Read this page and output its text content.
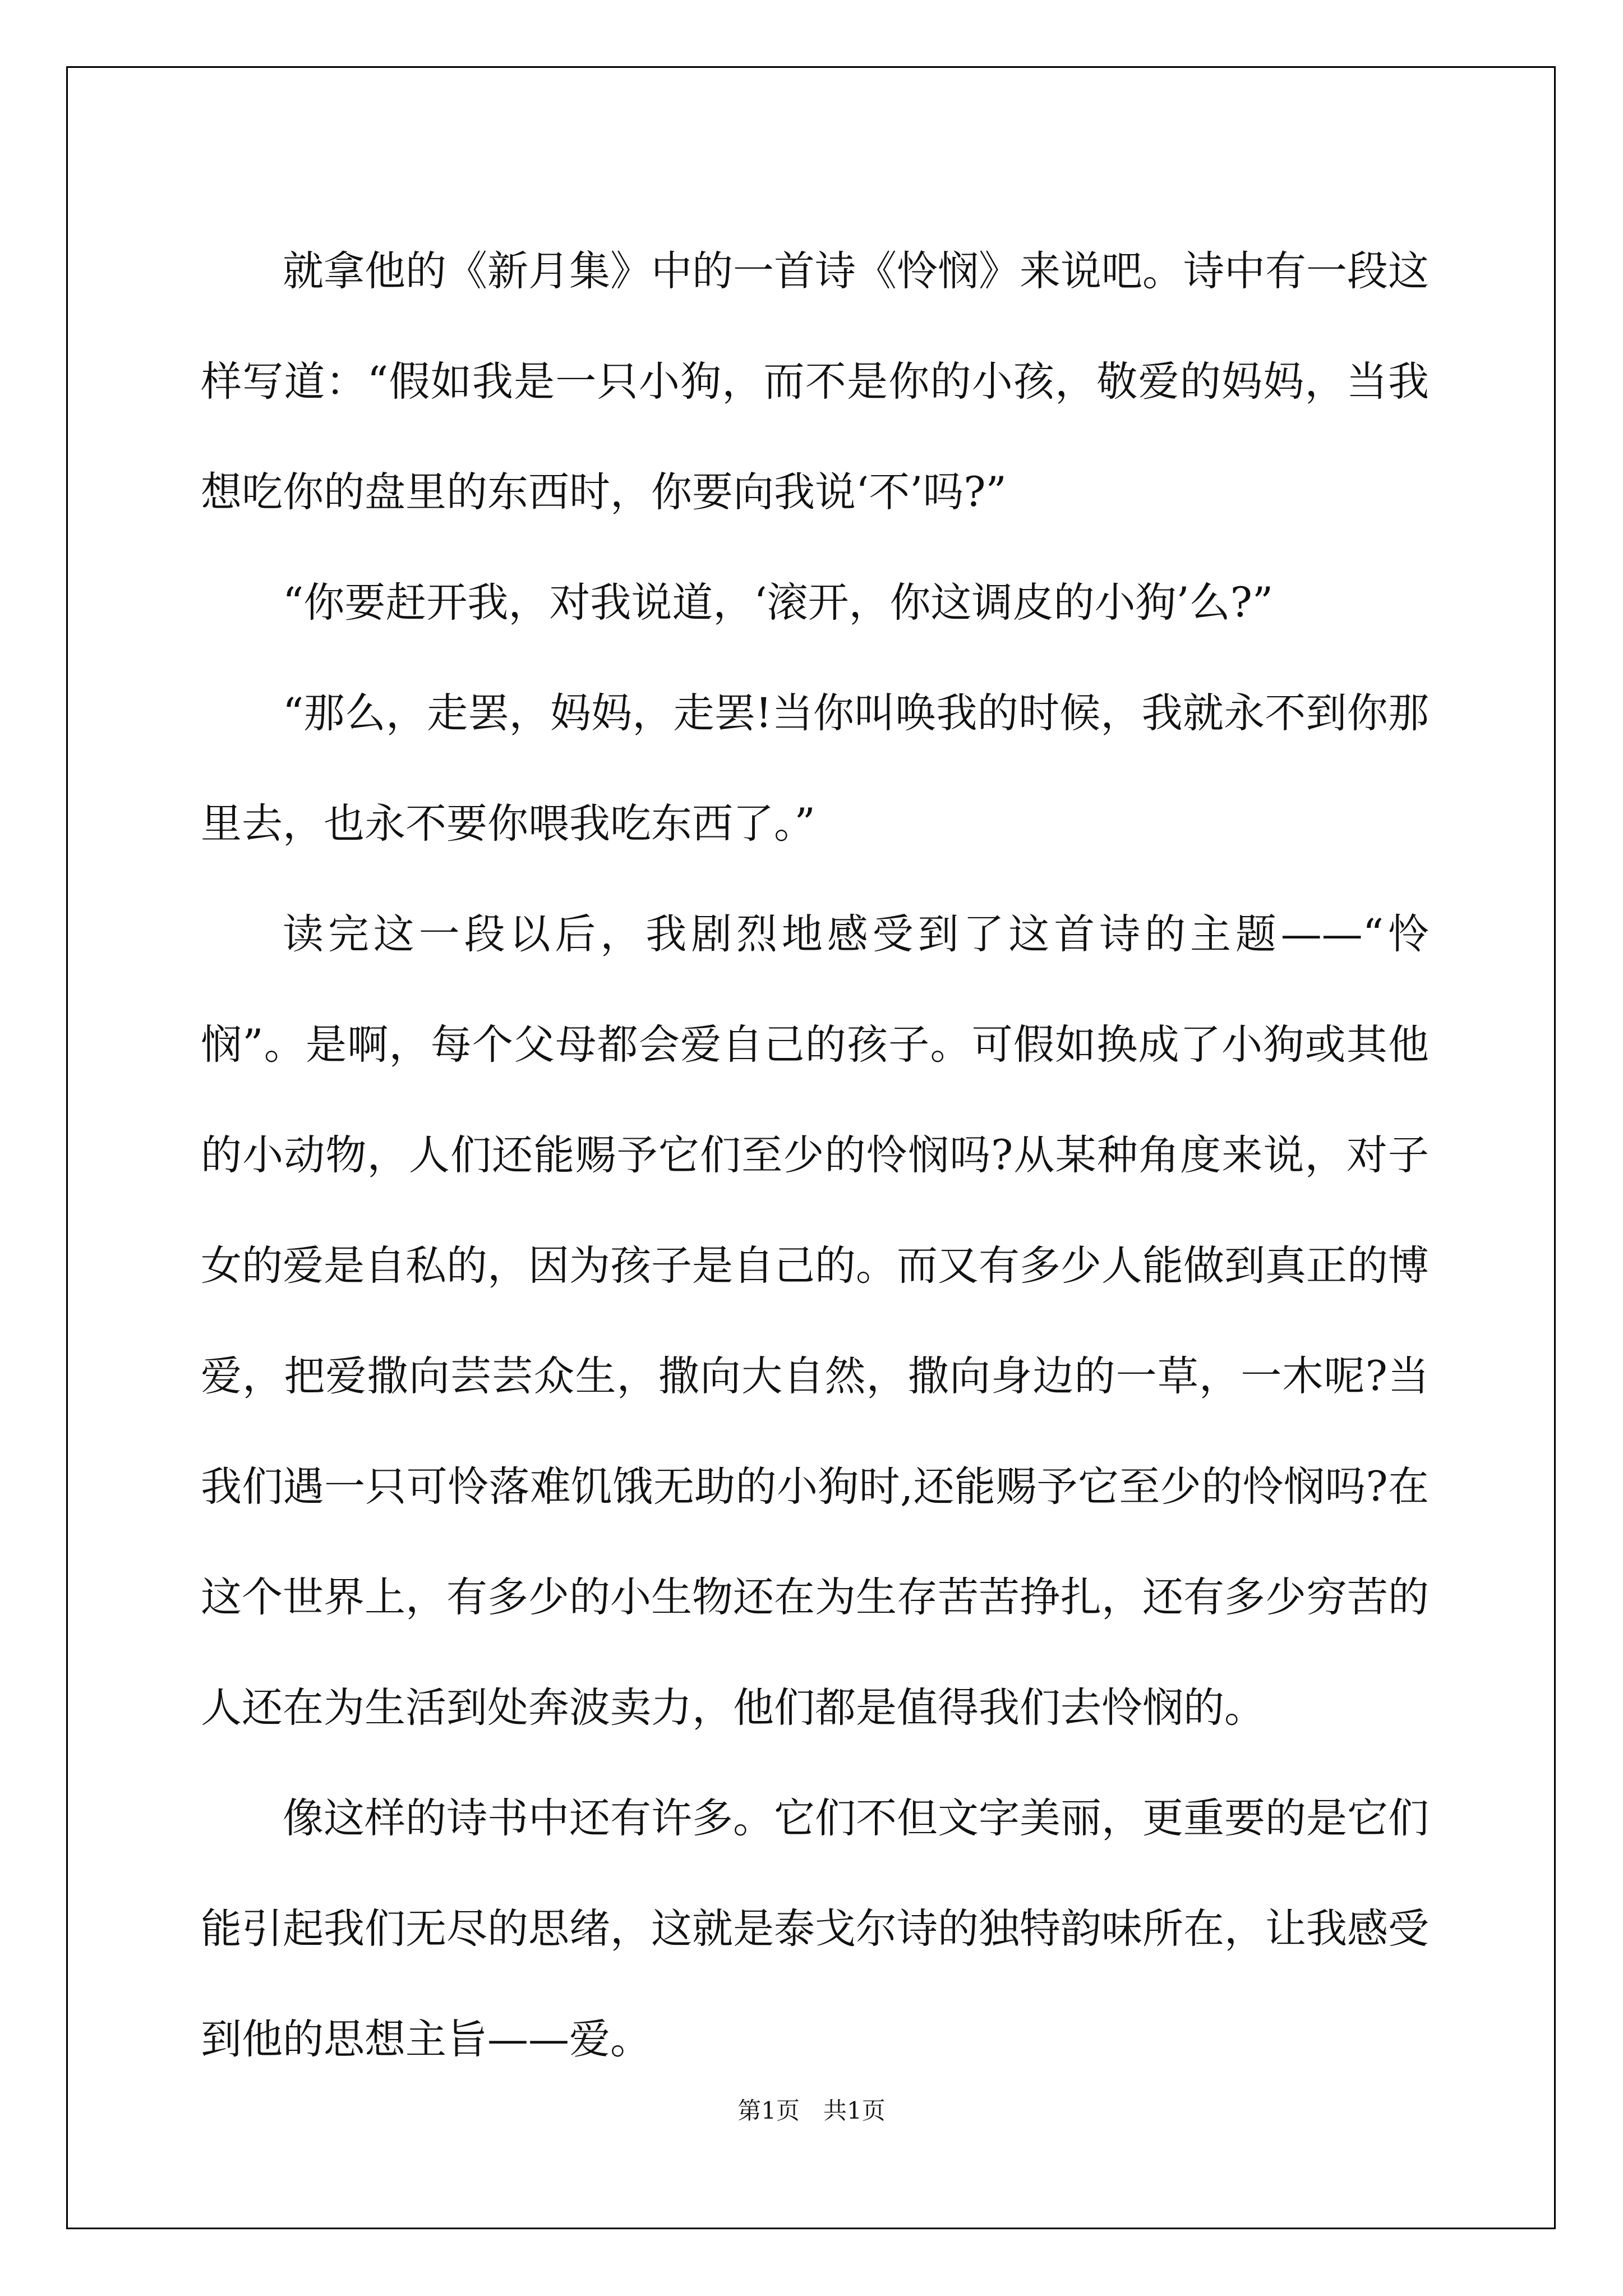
就拿他的《新月集》中的一首诗《怜悯》来说吧。诗中有一段这样写道：“假如我是一只小狗，而不是你的小孩，敬爱的妈妈，当我想吃你的盘里的东西时，你要向我说‘不’吗?”

“你要赶开我，对我说道，‘滚开，你这调皮的小狗’么?”

“那么，走罢，妈妈，走罢!当你叫唤我的时候，我就永不到你那里去，也永不要你喂我吃东西了。”

读完这一段以后，我剧烈地感受到了这首诗的主题——“怜悯”。是啊，每个父母都会爱自己的孩子。可假如换成了小狗或其他的小动物，人们还能赐予它们至少的怜悯吗?从某种角度来说，对子女的爱是自私的，因为孩子是自己的。而又有多少人能做到真正的博爱，把爱撒向芸芸众生，撒向大自然，撒向身边的一草，一木呢?当我们遇一只可怜落难饥饿无助的小狗时,还能赐予它至少的怜悯吗?在这个世界上，有多少的小生物还在为生存苦苦挣扎，还有多少穷苦的人还在为生活到处奔波卖力，他们都是值得我们去怜悯的。

像这样的诗书中还有许多。它们不但文字美丽，更重要的是它们能引起我们无尽的思绪，这就是泰戈尔诗的独特韵味所在，让我感受到他的思想主旨——爱。

第1页　共1页
